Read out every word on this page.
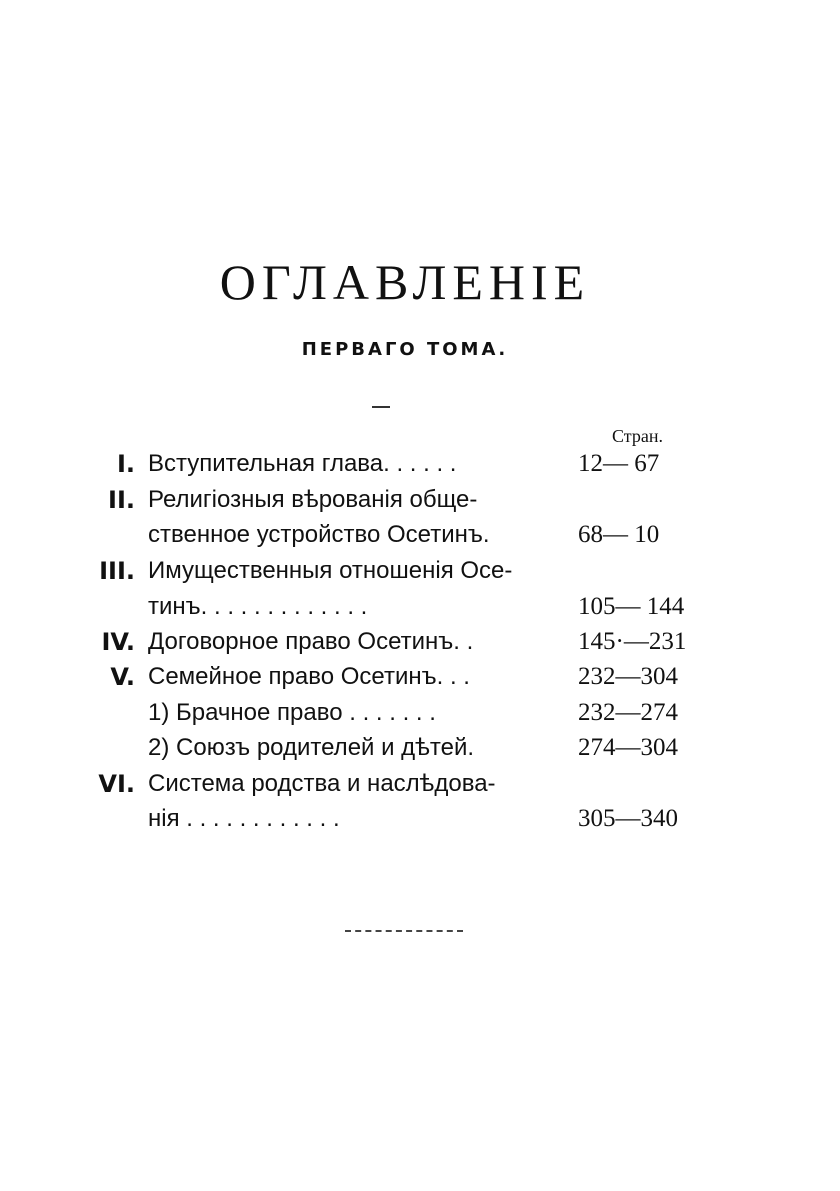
ОГЛАВЛЕНІЕ
ПЕРВАГО ТОМА.
Стран.
I. Вступительная глава. . . . . .	12— 67
II. Религіозныя вѣрованія обще-
ственное устройство Осетинъ.	68— 10
III. Имущественныя отношенія Осе-
тинъ. . . . . . . . . . . . .	105— 144
IV. Договорное право Осетинъ. .	145·—231
V. Семейное право Осетинъ. . .	232—304
1) Брачное право . . . . . . .	232—274
2) Союзъ родителей и дѣтей.	274—304
VI. Система родства и наслѣдова-
нія . . . . . . . . . . . .	305—340
